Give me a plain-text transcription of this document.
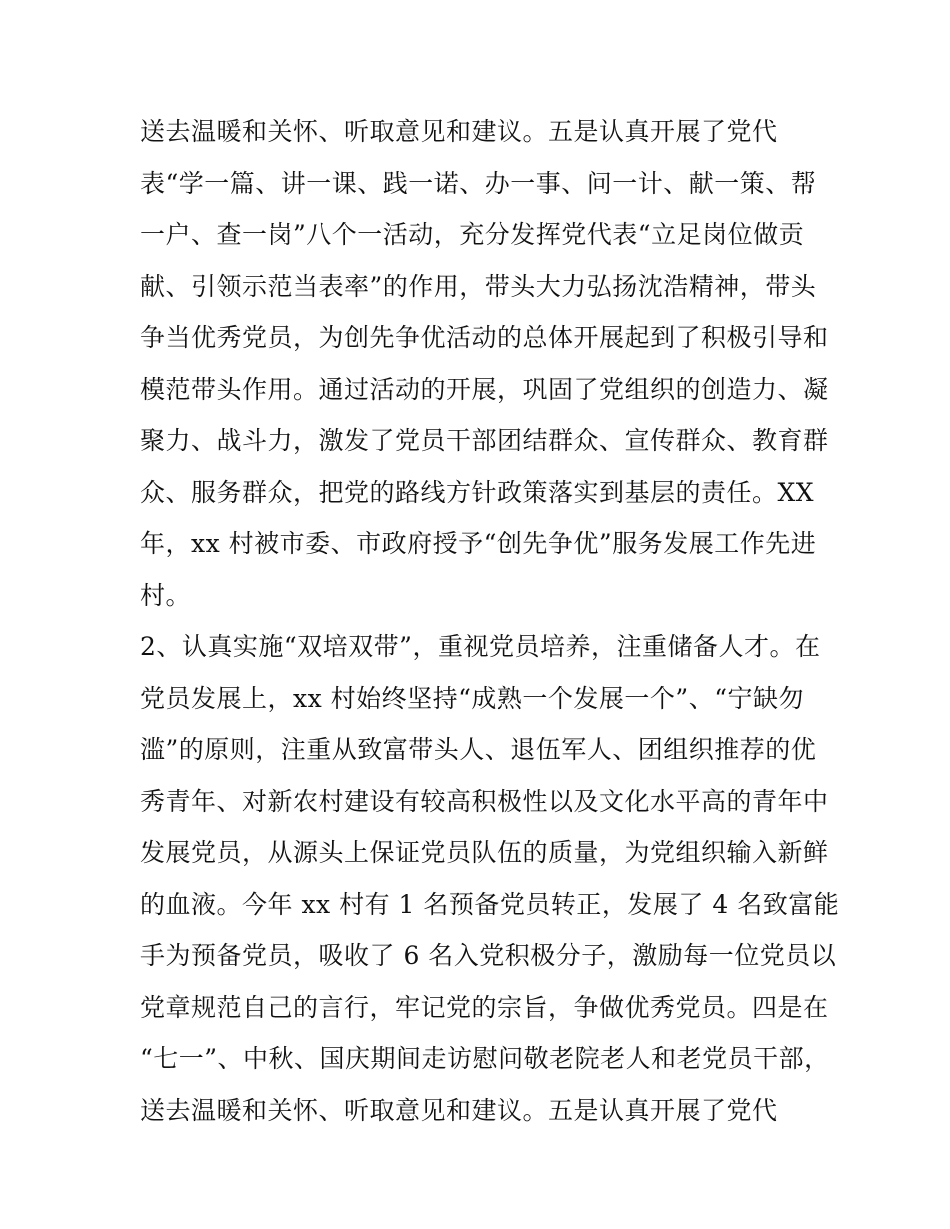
送去温暖和关怀、听取意见和建议。五是认真开展了党代
表“学一篇、讲一课、践一诺、办一事、问一计、献一策、帮
一户、查一岗”八个一活动，充分发挥党代表“立足岗位做贡
献、引领示范当表率”的作用，带头大力弘扬沈浩精神，带头
争当优秀党员，为创先争优活动的总体开展起到了积极引导和
模范带头作用。通过活动的开展，巩固了党组织的创造力、凝
聚力、战斗力，激发了党员干部团结群众、宣传群众、教育群
众、服务群众，把党的路线方针政策落实到基层的责任。XX
年，xx 村被市委、市政府授予“创先争优”服务发展工作先进
村。
2、认真实施“双培双带”，重视党员培养，注重储备人才。在
党员发展上，xx 村始终坚持“成熟一个发展一个”、“宁缺勿
滥”的原则，注重从致富带头人、退伍军人、团组织推荐的优
秀青年、对新农村建设有较高积极性以及文化水平高的青年中
发展党员，从源头上保证党员队伍的质量，为党组织输入新鲜
的血液。今年 xx 村有 1 名预备党员转正，发展了 4 名致富能
手为预备党员，吸收了 6 名入党积极分子，激励每一位党员以
党章规范自己的言行，牢记党的宗旨，争做优秀党员。四是在
“七一”、中秋、国庆期间走访慰问敬老院老人和老党员干部，
送去温暖和关怀、听取意见和建议。五是认真开展了党代
